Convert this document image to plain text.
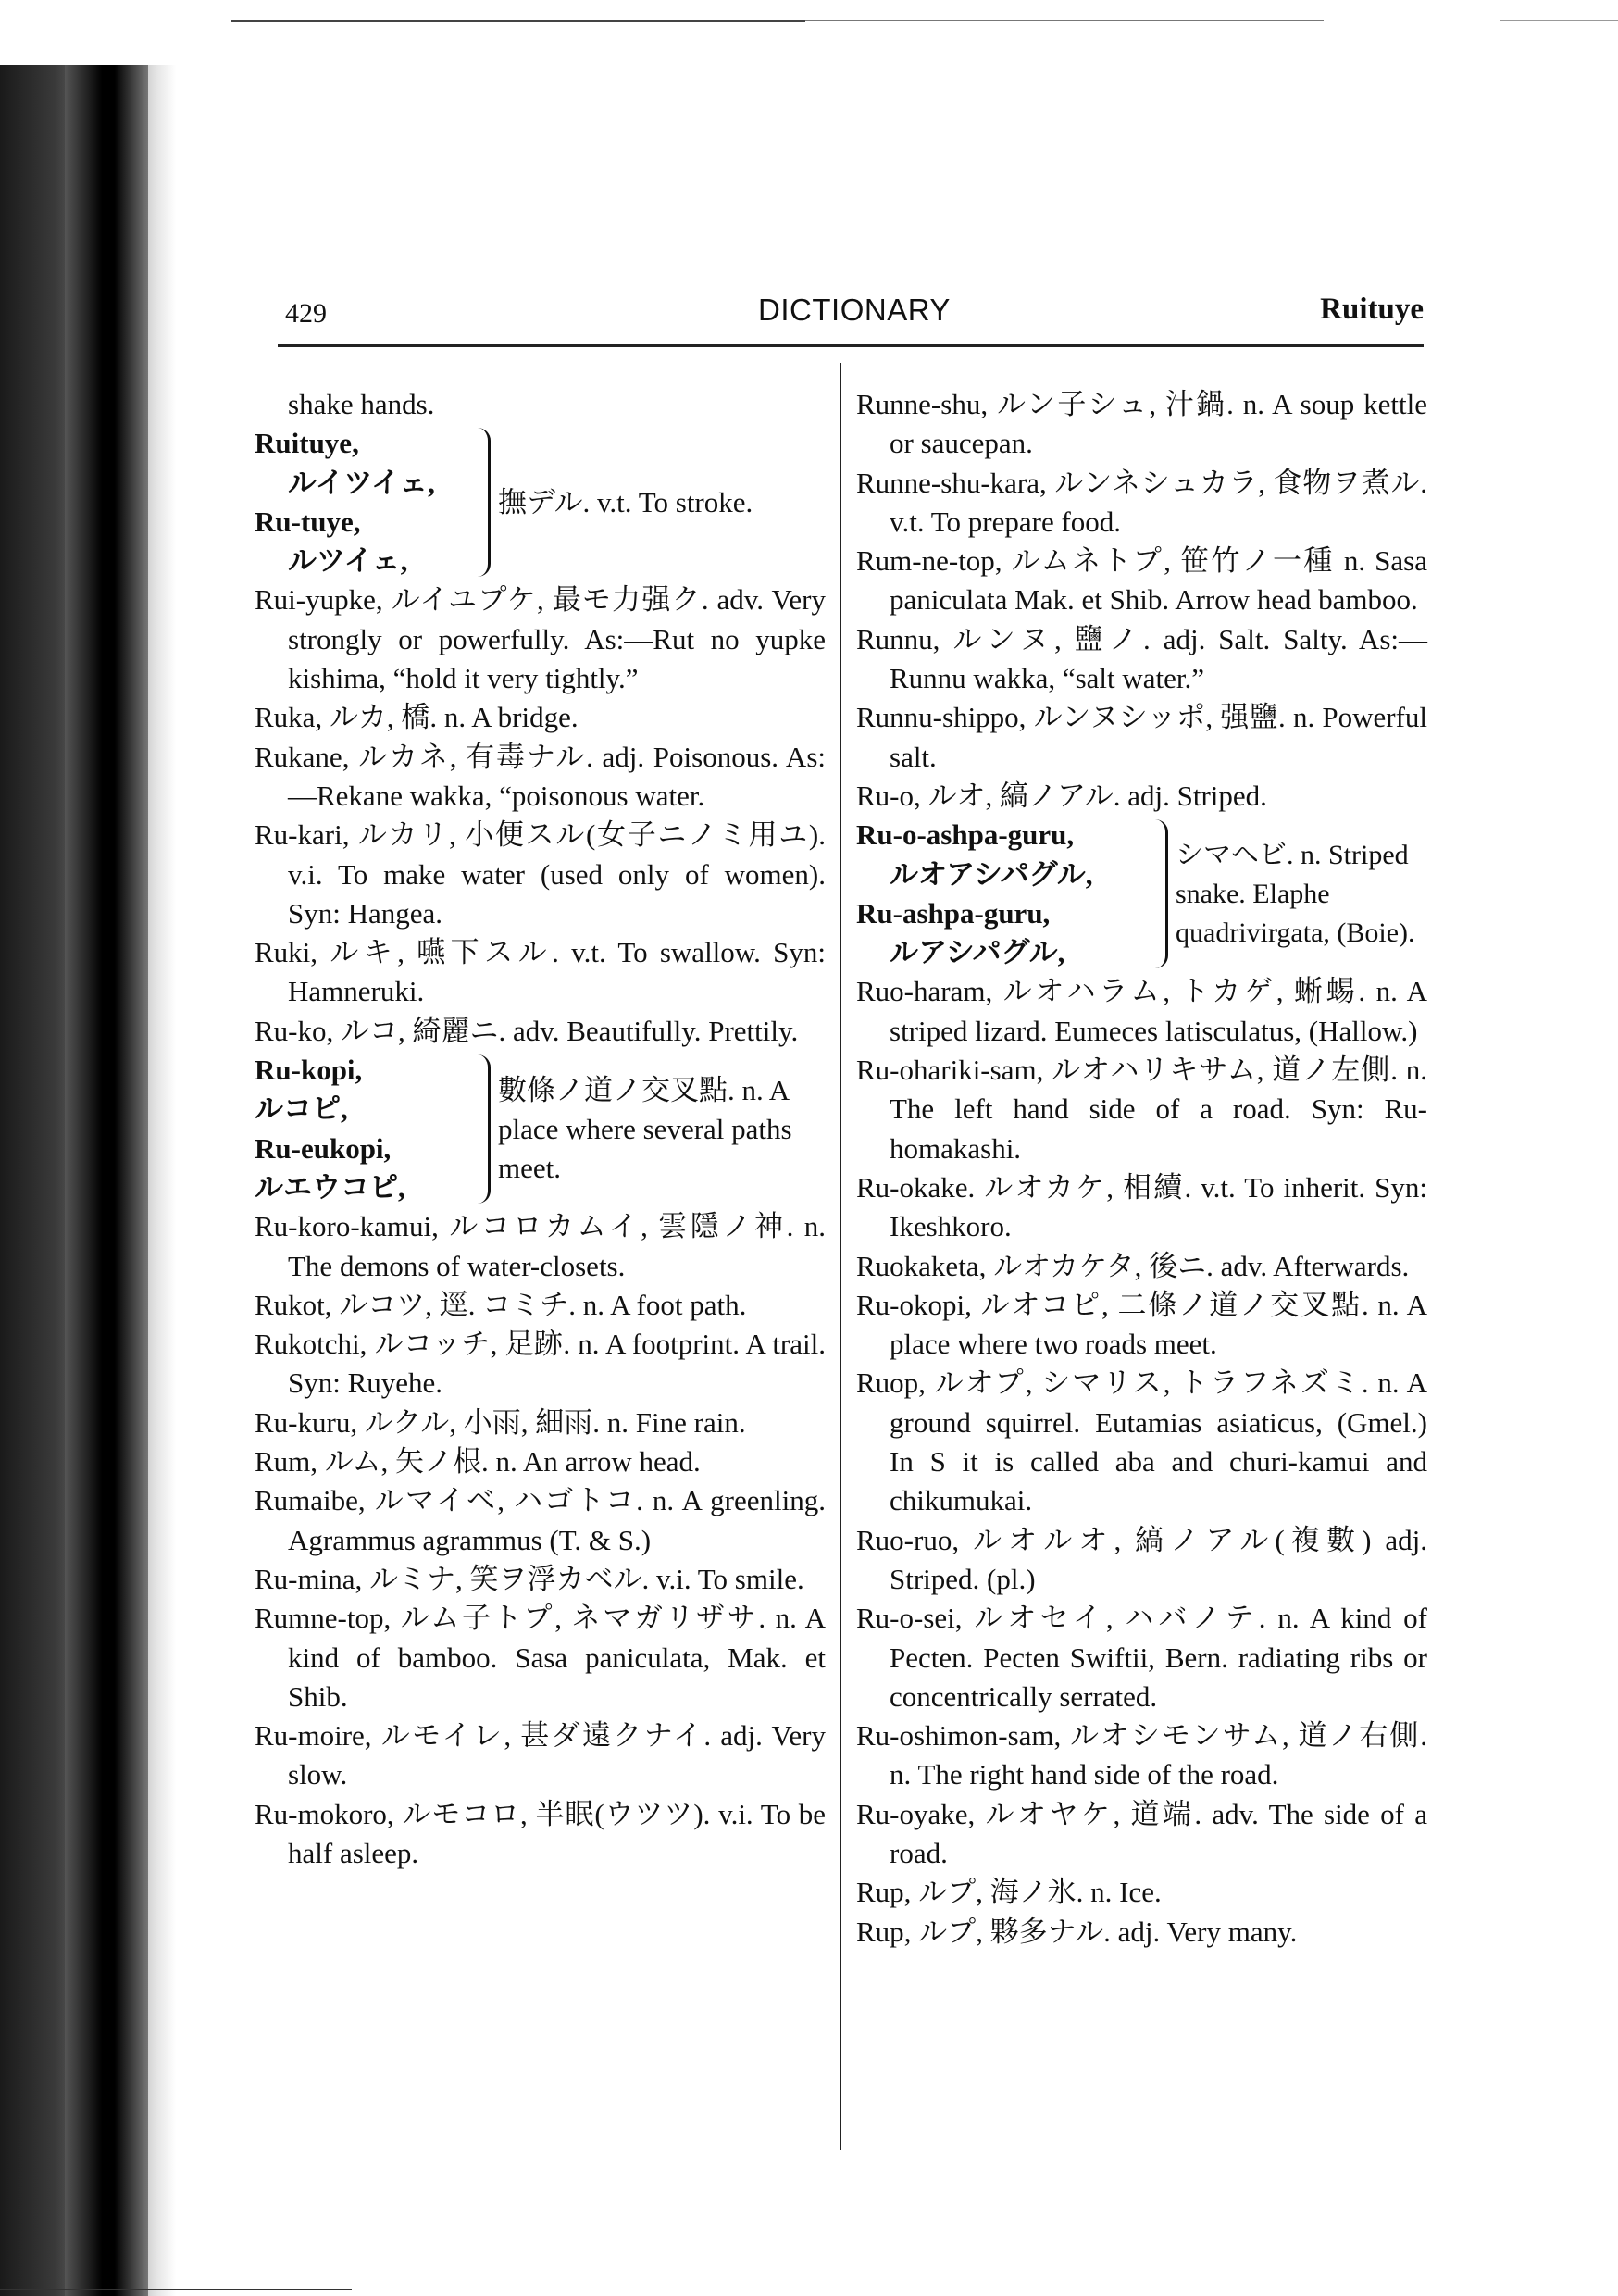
429	DICTIONARY	Ruituye

shake hands.

Ruituye,
ルイツイェ,
Ru-tuye,
ルツイェ,
撫デル. v.t. To stroke.

Rui-yupke, ルイユプケ, 最モ力强ク. adv. Very strongly or powerfully. As:—Rut no yupke kishima, “hold it very tightly.”

Ruka, ルカ, 橋. n. A bridge.

Rukane, ルカネ, 有毒ナル. adj. Poisonous. As:—Rekane wakka, “poisonous water.

Ru-kari, ルカリ, 小便スル(女子ニノミ用ユ). v.i. To make water (used only of women). Syn: Hangea.

Ruki, ルキ, 嚥下スル. v.t. To swallow. Syn: Hamneruki.

Ru-ko, ルコ, 綺麗ニ. adv. Beautifully. Prettily.

Ru-kopi,
ルコピ,
Ru-eukopi,
ルエウコピ,
數條ノ道ノ交叉點. n. A place where several paths meet.

Ru-koro-kamui, ルコロカムイ, 雲隱ノ神. n. The demons of water-closets.

Rukot, ルコツ, 逕. コミチ. n. A foot path.

Rukotchi, ルコッチ, 足跡. n. A footprint. A trail. Syn: Ruyehe.

Ru-kuru, ルクル, 小雨, 細雨. n. Fine rain.

Rum, ルム, 矢ノ根. n. An arrow head.

Rumaibe, ルマイベ, ハゴトコ. n. A greenling. Agrammus agrammus (T. & S.)

Ru-mina, ルミナ, 笑ヲ浮カベル. v.i. To smile.

Rumne-top, ルム子トプ, ネマガリザサ. n. A kind of bamboo. Sasa paniculata, Mak. et Shib.

Ru-moire, ルモイレ, 甚ダ遠クナイ. adj. Very slow.

Ru-mokoro, ルモコロ, 半眠(ウツツ). v.i. To be half asleep.

Runne-shu, ルン子シュ, 汁鍋. n. A soup kettle or saucepan.

Runne-shu-kara, ルンネシュカラ, 食物ヲ煮ル. v.t. To prepare food.

Rum-ne-top, ルムネトプ, 笹竹ノ一種 n. Sasa paniculata Mak. et Shib. Arrow head bamboo.

Runnu, ルンヌ, 鹽ノ. adj. Salt. Salty. As:—Runnu wakka, “salt water.”

Runnu-shippo, ルンヌシッポ, 强鹽. n. Powerful salt.

Ru-o, ルオ, 縞ノアル. adj. Striped.

Ru-o-ashpa-guru,
ルオアシパグル,
Ru-ashpa-guru,
ルアシパグル,
シマヘビ. n. Striped snake. Elaphe quadrivirgata, (Boie).

Ruo-haram, ルオハラム, トカゲ, 蜥蜴. n. A striped lizard. Eumeces latisculatus, (Hallow.)

Ru-ohariki-sam, ルオハリキサム, 道ノ左側. n. The left hand side of a road. Syn: Ru-homakashi.

Ru-okake. ルオカケ, 相續. v.t. To inherit. Syn: Ikeshkoro.

Ruokaketa, ルオカケタ, 後ニ. adv. Afterwards.

Ru-okopi, ルオコピ, 二條ノ道ノ交叉點. n. A place where two roads meet.

Ruop, ルオプ, シマリス, トラフネズミ. n. A ground squirrel. Eutamias asiaticus, (Gmel.) In S it is called aba and churi-kamui and chikumukai.

Ruo-ruo, ルオルオ, 縞ノアル(複數) adj. Striped. (pl.)

Ru-o-sei, ルオセイ, ハバノテ. n. A kind of Pecten. Pecten Swiftii, Bern. radiating ribs or concentrically serrated.

Ru-oshimon-sam, ルオシモンサム, 道ノ右側. n. The right hand side of the road.

Ru-oyake, ルオヤケ, 道端. adv. The side of a road.

Rup, ルプ, 海ノ氷. n. Ice.

Rup, ルプ, 夥多ナル. adj. Very many.
